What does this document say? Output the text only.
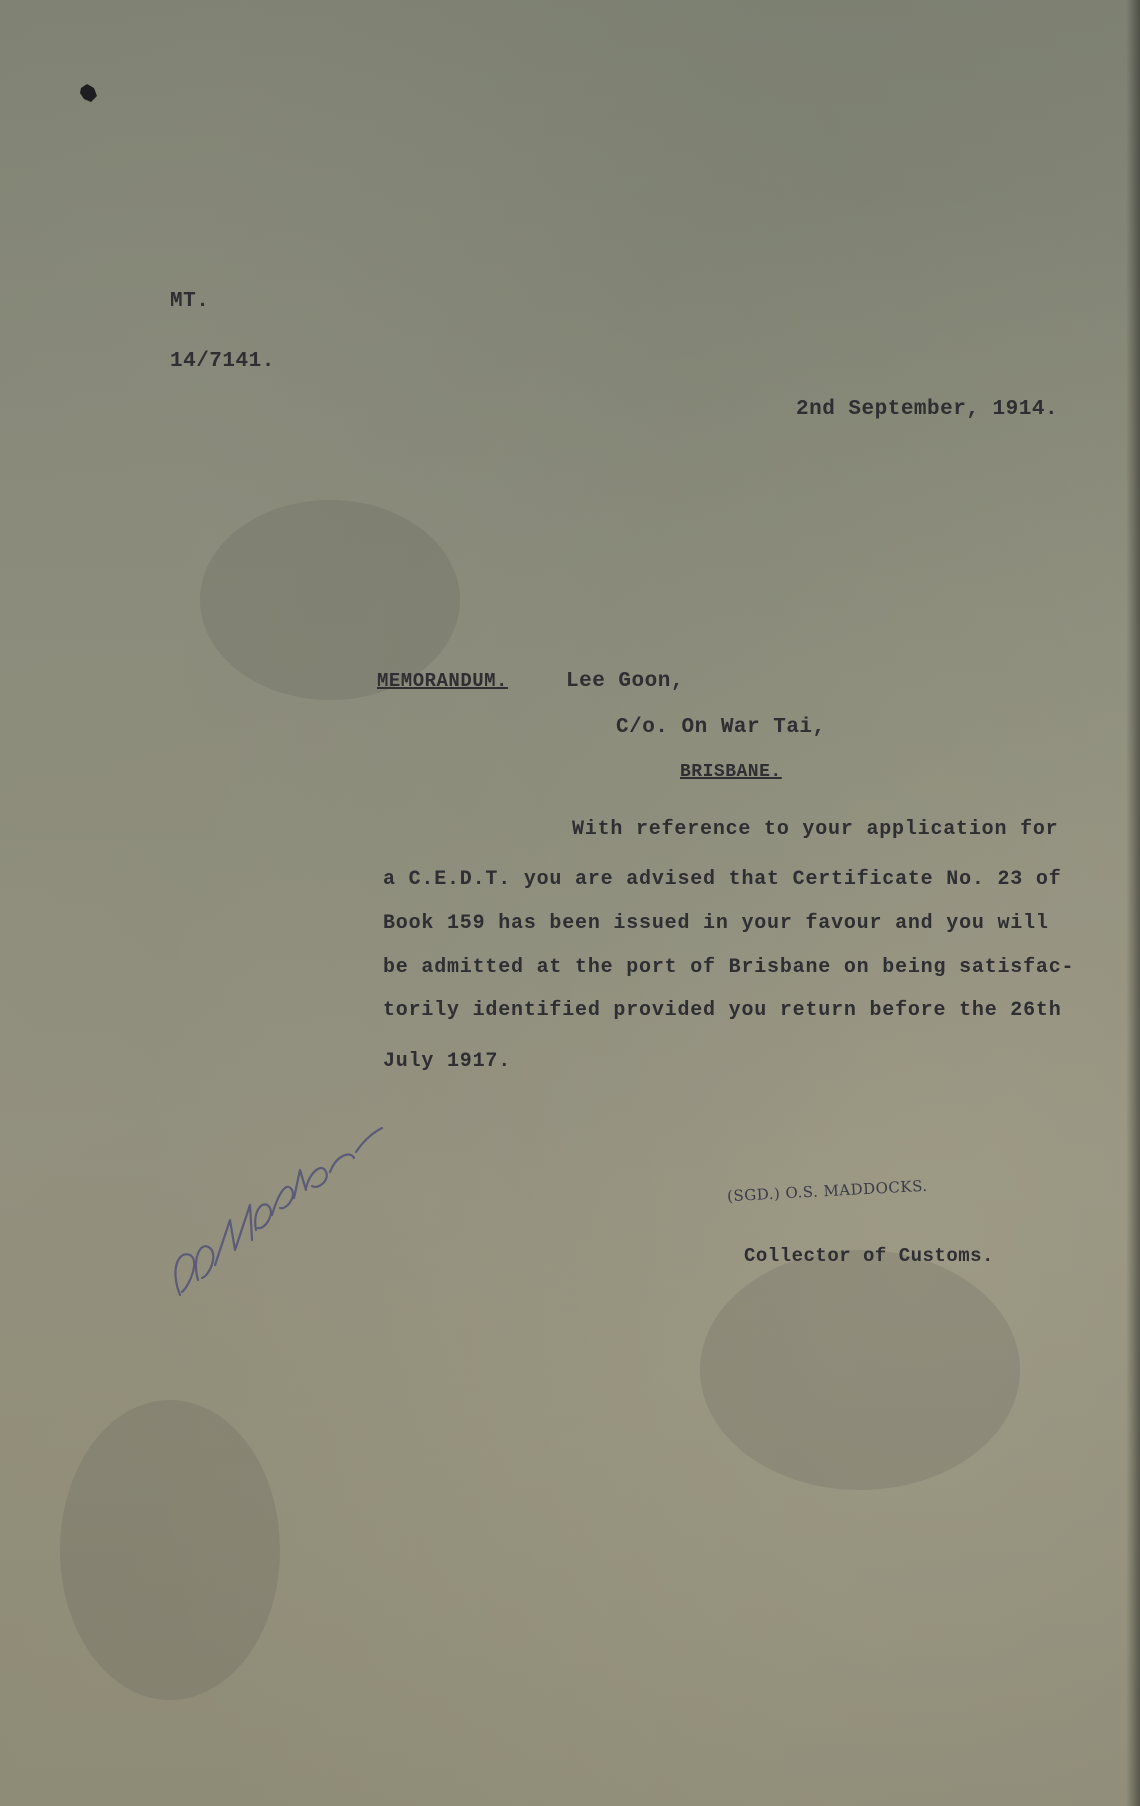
MT.
14/7141.
2nd September, 1914.
MEMORANDUM.	Lee Goon,
C/o. On War Tai,
BRISBANE.
With reference to your application for
a C.E.D.T. you are advised that Certificate No. 23 of
Book 159 has been issued in your favour and you will
be admitted at the port of Brisbane on being satisfac-
torily identified provided you return before the 26th
July 1917.
(SGD.) O.S. MADDOCKS.
Collector of Customs.
